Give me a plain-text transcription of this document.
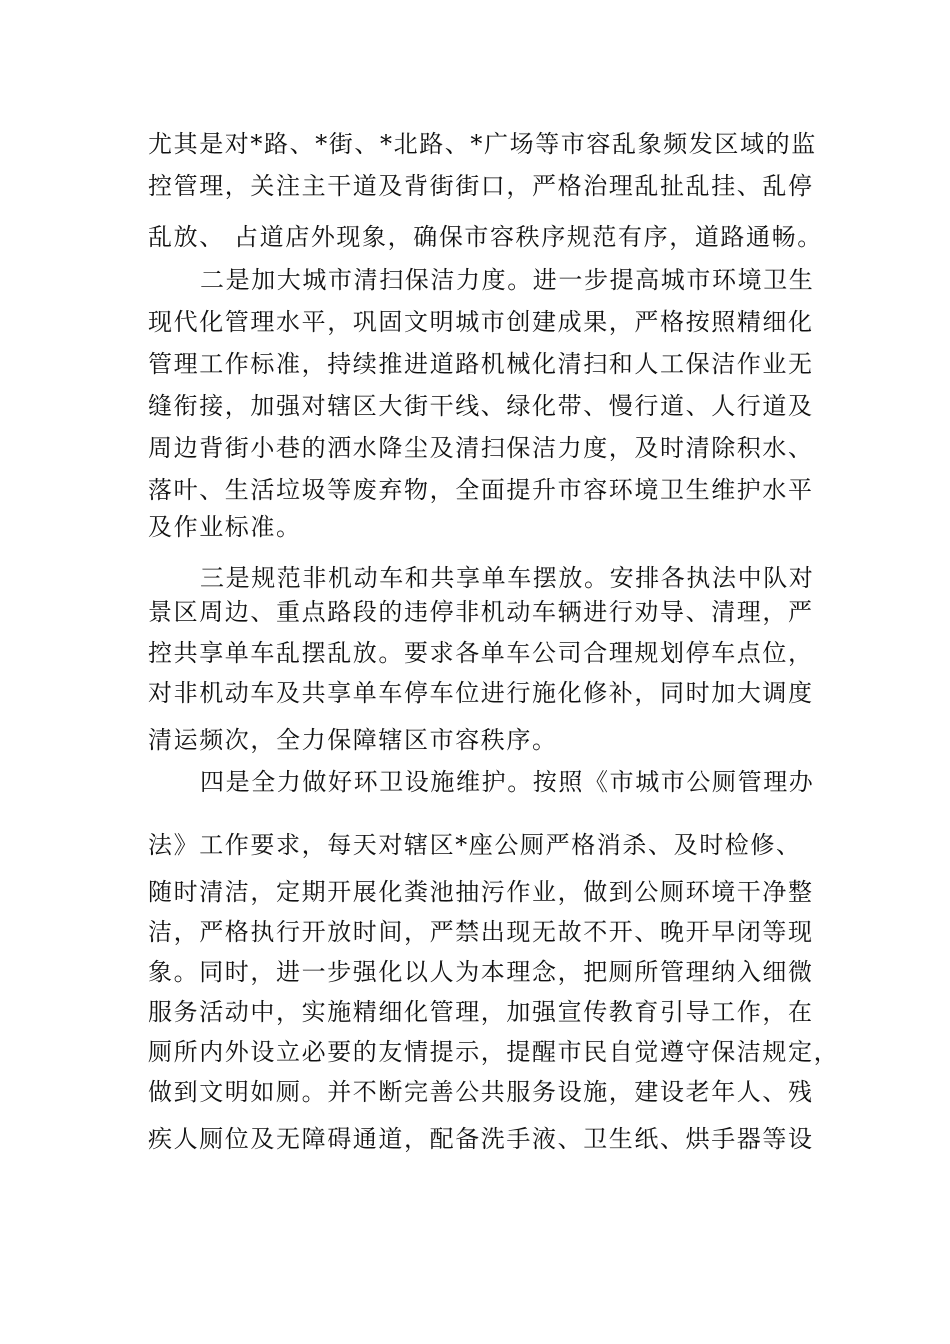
尤其是对*路、*街、*北路、*广场等市容乱象频发区域的监
控管理，关注主干道及背街街口，严格治理乱扯乱挂、乱停
乱放、 占道店外现象，确保市容秩序规范有序，道路通畅。
二是加大城市清扫保洁力度。进一步提高城市环境卫生
现代化管理水平，巩固文明城市创建成果，严格按照精细化
管理工作标准，持续推进道路机械化清扫和人工保洁作业无
缝衔接，加强对辖区大街干线、绿化带、慢行道、人行道及
周边背街小巷的洒水降尘及清扫保洁力度，及时清除积水、
落叶、生活垃圾等废弃物，全面提升市容环境卫生维护水平
及作业标准。
三是规范非机动车和共享单车摆放。安排各执法中队对
景区周边、重点路段的违停非机动车辆进行劝导、清理，严
控共享单车乱摆乱放。要求各单车公司合理规划停车点位，
对非机动车及共享单车停车位进行施化修补，同时加大调度
清运频次，全力保障辖区市容秩序。
四是全力做好环卫设施维护。按照《市城市公厕管理办
法》工作要求，每天对辖区*座公厕严格消杀、及时检修、
随时清洁，定期开展化粪池抽污作业，做到公厕环境干净整
洁，严格执行开放时间，严禁出现无故不开、晚开早闭等现
象。同时，进一步强化以人为本理念，把厕所管理纳入细微
服务活动中，实施精细化管理，加强宣传教育引导工作，在
厕所内外设立必要的友情提示，提醒市民自觉遵守保洁规定，
做到文明如厕。并不断完善公共服务设施，建设老年人、残
疾人厕位及无障碍通道，配备洗手液、卫生纸、烘手器等设
